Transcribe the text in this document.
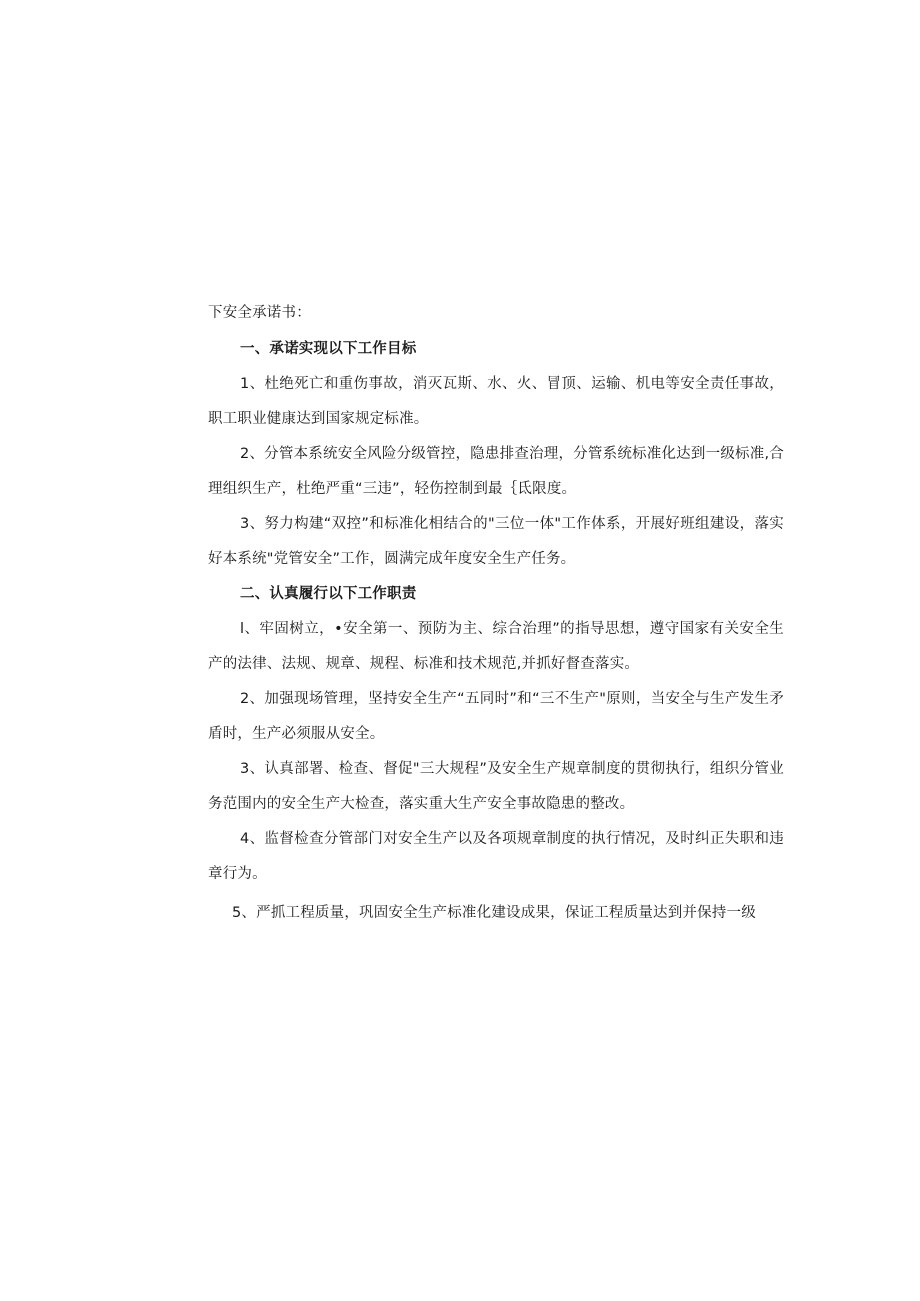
下安全承诺书：

一、承诺实现以下工作目标

1、杜绝死亡和重伤事故，消灭瓦斯、水、火、冒顶、运输、机电等安全责任事故，职工职业健康达到国家规定标准。

2、分管本系统安全风险分级管控，隐患排查治理，分管系统标准化达到一级标准,合理组织生产，杜绝严重“三违”，轻伤控制到最｛氐限度。

3、努力构建“双控”和标准化相结合的"三位一体"工作体系，开展好班组建设，落实好本系统"党管安全”工作，圆满完成年度安全生产任务。

二、认真履行以下工作职责

l、牢固树立，•安全第一、预防为主、综合治理”的指导思想，遵守国家有关安全生产的法律、法规、规章、规程、标准和技术规范,并抓好督查落实。

2、加强现场管理，坚持安全生产“五同时”和“三不生产"原则，当安全与生产发生矛盾时，生产必须服从安全。

3、认真部署、检查、督促"三大规程”及安全生产规章制度的贯彻执行，组织分管业务范围内的安全生产大检查，落实重大生产安全事故隐患的整改。

4、监督检查分管部门对安全生产以及各项规章制度的执行情况，及时纠正失职和违章行为。

5、严抓工程质量，巩固安全生产标准化建设成果，保证工程质量达到并保持一级
